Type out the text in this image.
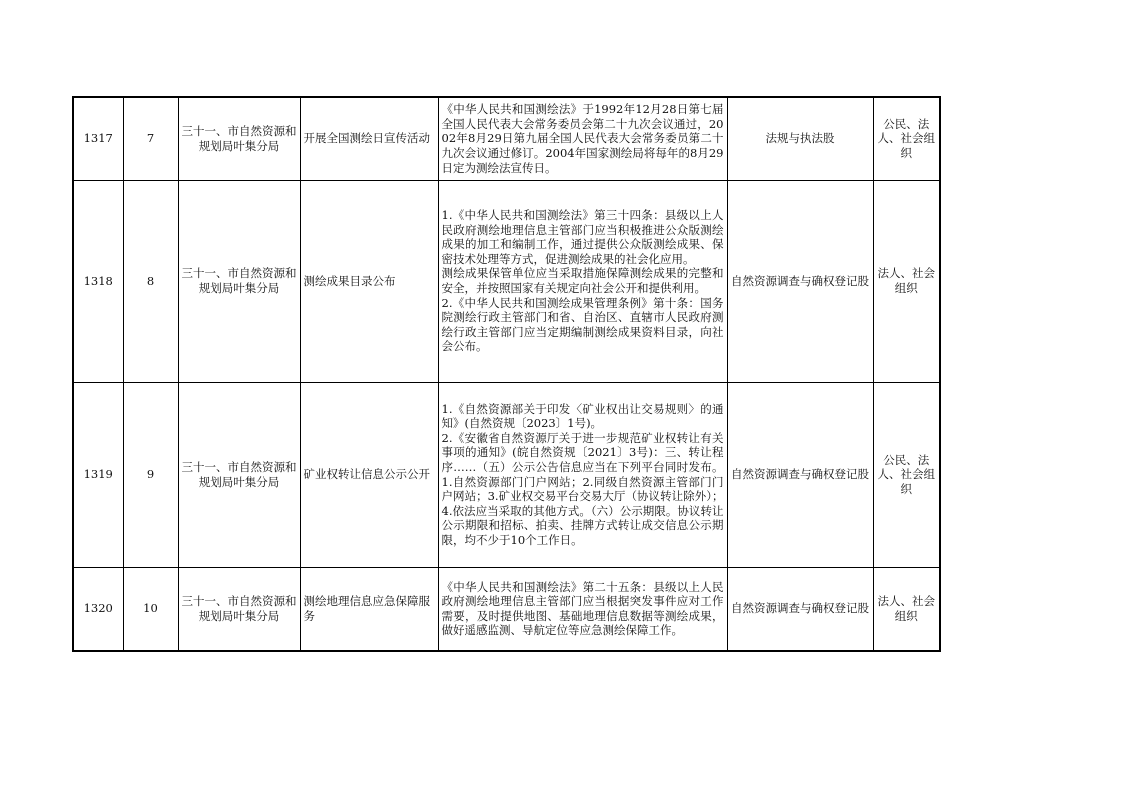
1317	7	三十一、市自然资源和规划局叶集分局	开展全国测绘日宣传活动	《中华人民共和国测绘法》于1992年12月28日第七届全国人民代表大会常务委员会第二十九次会议通过，2002年8月29日第九届全国人民代表大会常务委员第二十九次会议通过修订。2004年国家测绘局将每年的8月29日定为测绘法宣传日。	法规与执法股	公民、法人、社会组织
1318	8	三十一、市自然资源和规划局叶集分局	测绘成果目录公布	1.《中华人民共和国测绘法》第三十四条：县级以上人民政府测绘地理信息主管部门应当积极推进公众版测绘成果的加工和编制工作，通过提供公众版测绘成果、保密技术处理等方式，促进测绘成果的社会化应用。
测绘成果保管单位应当采取措施保障测绘成果的完整和安全，并按照国家有关规定向社会公开和提供利用。
2.《中华人民共和国测绘成果管理条例》第十条：国务院测绘行政主管部门和省、自治区、直辖市人民政府测绘行政主管部门应当定期编制测绘成果资料目录，向社会公布。	自然资源调查与确权登记股	法人、社会组织
1319	9	三十一、市自然资源和规划局叶集分局	矿业权转让信息公示公开	1.《自然资源部关于印发〈矿业权出让交易规则〉的通知》(自然资规〔2023〕1号)。
2.《安徽省自然资源厅关于进一步规范矿业权转让有关事项的通知》(皖自然资规〔2021〕3号)：三、转让程序……（五）公示公告信息应当在下列平台同时发布。1.自然资源部门门户网站；2.同级自然资源主管部门门户网站；3.矿业权交易平台交易大厅（协议转让除外）；4.依法应当采取的其他方式。（六）公示期限。协议转让公示期限和招标、拍卖、挂牌方式转让成交信息公示期限，均不少于10个工作日。	自然资源调查与确权登记股	公民、法人、社会组织
1320	10	三十一、市自然资源和规划局叶集分局	测绘地理信息应急保障服务	《中华人民共和国测绘法》第二十五条：县级以上人民政府测绘地理信息主管部门应当根据突发事件应对工作需要，及时提供地图、基础地理信息数据等测绘成果，做好遥感监测、导航定位等应急测绘保障工作。	自然资源调查与确权登记股	法人、社会组织
